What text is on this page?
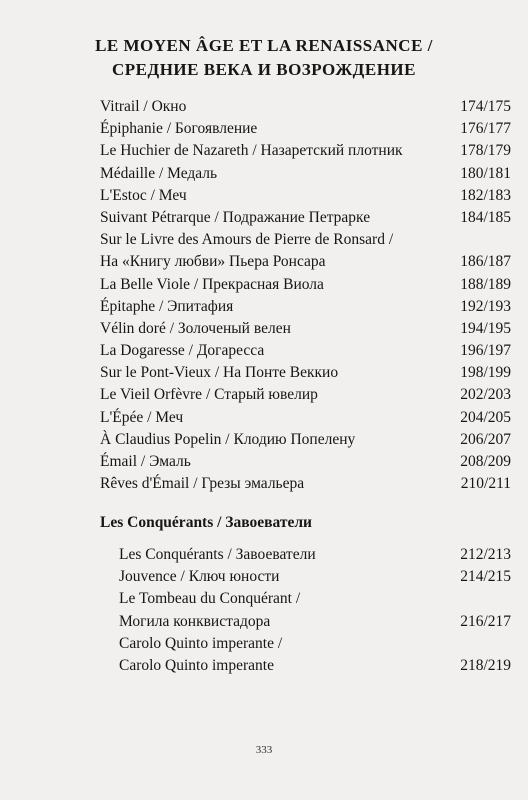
LE MOYEN ÂGE ET LA RENAISSANCE /
СРЕДНИЕ ВЕКА И ВОЗРОЖДЕНИЕ
Vitrail / Окно	174/175
Épiphanie / Богоявление	176/177
Le Huchier de Nazareth / Назаретский плотник	178/179
Médaille / Медаль	180/181
L'Estoc / Меч	182/183
Suivant Pétrarque / Подражание Петрарке	184/185
Sur le Livre des Amours de Pierre de Ronsard /
На «Книгу любви» Пьера Ронсара	186/187
La Belle Viole / Прекрасная Виола	188/189
Épitaphe / Эпитафия	192/193
Vélin doré / Золоченый велен	194/195
La Dogaresse / Догаресса	196/197
Sur le Pont-Vieux / На Понте Веккио	198/199
Le Vieil Orfèvre / Старый ювелир	202/203
L'Épée / Меч	204/205
À Claudius Popelin / Клодию Попелену	206/207
Émail / Эмаль	208/209
Rêves d'Émail / Грезы эмальера	210/211
Les Conquérants / Завоеватели
Les Conquérants / Завоеватели	212/213
Jouvence / Ключ юности	214/215
Le Tombeau du Conquérant /
Могила конквистадора	216/217
Carolo Quinto imperante /
Carolo Quinto imperante	218/219
333
